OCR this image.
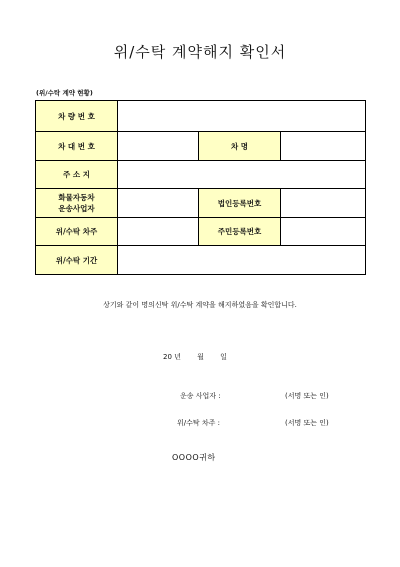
위/수탁 계약해지 확인서
(위/수탁 계약 현황)
차 량 번 호			
차 대 번 호		차 명	
주 소 지			

화물자동차
운송사업자		법인등록번호	
위/수탁 차주		주민등록번호	
위/수탁 기간			
상기와 같이 명의신탁 위/수탁 계약을 해지하였음을 확인합니다.
20 년 월 일
운송 사업자 :	(서명 또는 인)
위/수탁 차주 :	(서명 또는 인)
OOOO귀하
